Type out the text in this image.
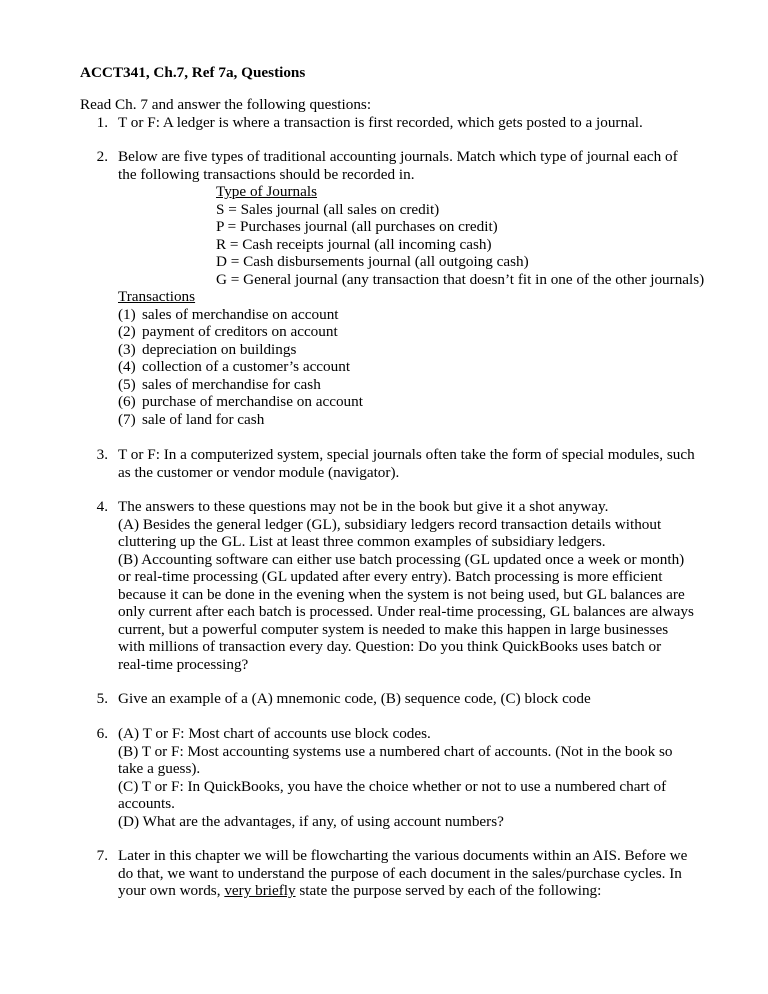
ACCT341, Ch.7, Ref 7a, Questions
Read Ch. 7 and answer the following questions:
1. T or F: A ledger is where a transaction is first recorded, which gets posted to a journal.
2. Below are five types of traditional accounting journals. Match which type of journal each of
the following transactions should be recorded in.
Type of Journals
S = Sales journal (all sales on credit)
P = Purchases journal (all purchases on credit)
R = Cash receipts journal (all incoming cash)
D = Cash disbursements journal (all outgoing cash)
G = General journal (any transaction that doesn’t fit in one of the other journals)
Transactions
(1) sales of merchandise on account
(2) payment of creditors on account
(3) depreciation on buildings
(4) collection of a customer’s account
(5) sales of merchandise for cash
(6) purchase of merchandise on account
(7) sale of land for cash
3. T or F: In a computerized system, special journals often take the form of special modules, such
as the customer or vendor module (navigator).
4. The answers to these questions may not be in the book but give it a shot anyway.
(A) Besides the general ledger (GL), subsidiary ledgers record transaction details without
cluttering up the GL. List at least three common examples of subsidiary ledgers.
(B) Accounting software can either use batch processing (GL updated once a week or month)
or real-time processing (GL updated after every entry). Batch processing is more efficient
because it can be done in the evening when the system is not being used, but GL balances are
only current after each batch is processed. Under real-time processing, GL balances are always
current, but a powerful computer system is needed to make this happen in large businesses
with millions of transaction every day. Question: Do you think QuickBooks uses batch or
real-time processing?
5. Give an example of a (A) mnemonic code, (B) sequence code, (C) block code
6. (A) T or F: Most chart of accounts use block codes.
(B) T or F: Most accounting systems use a numbered chart of accounts. (Not in the book so
take a guess).
(C) T or F: In QuickBooks, you have the choice whether or not to use a numbered chart of
accounts.
(D) What are the advantages, if any, of using account numbers?
7. Later in this chapter we will be flowcharting the various documents within an AIS. Before we
do that, we want to understand the purpose of each document in the sales/purchase cycles. In
your own words, very briefly state the purpose served by each of the following:
